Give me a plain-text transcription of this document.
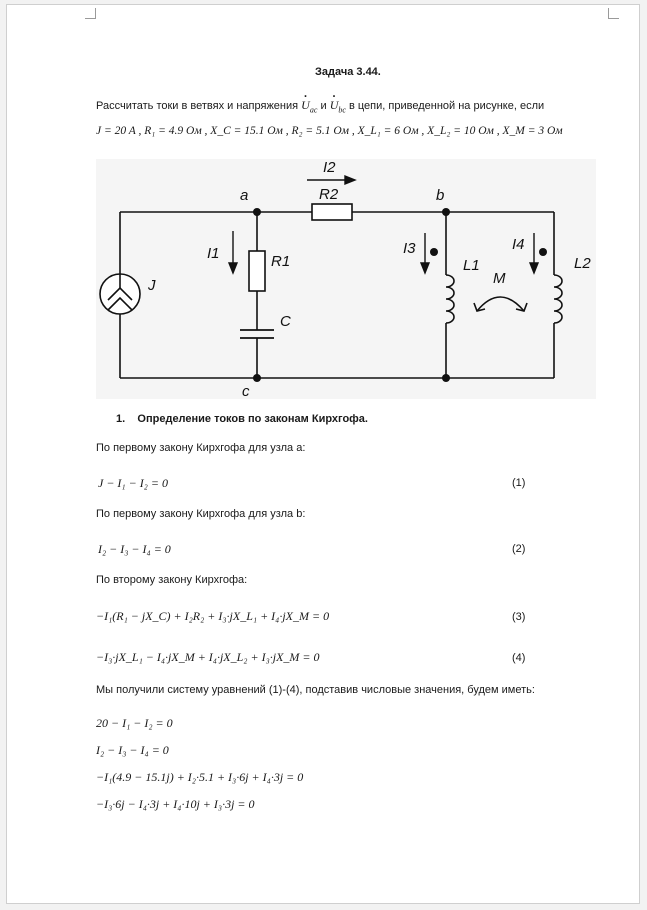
Задача 3.44.
Рассчитать токи в ветвях и напряжения · $U_{ac}$ $и \cdot U_{bc}$ в цепи, приведенной на рисунке, если
J = 20 A , R₁ = 4.9 Ом , X_C = 15.1 Ом , R₂ = 5.1 Ом , X_L₁ = 6 Ом , X_L₂ = 10 Ом , X_M = 3 Ом
a	b
c
I2
R2
I1	R1
C
J
I3	I4
L1	L2
M
1. Определение токов по законам Кирхгофа.
По первому закону Кирхгофа для узла a:
J − I₁ − I₂ = 0	(1)
По первому закону Кирхгофа для узла b:
I₂ − I₃ − I₄ = 0	(2)
По второму закону Кирхгофа:
−I₁(R₁ − jX_C) + I₂R₂ + I₃·jX_L₁ + I₄·jX_M = 0	(3)
−I₃·jX_L₁ − I₄·jX_M + I₄·jX_L₂ + I₃·jX_M = 0	(4)
Мы получили систему уравнений (1)-(4), подставив числовые значения, будем иметь:
20 − I₁ − I₂ = 0
I₂ − I₃ − I₄ = 0
−I₁(4.9 − 15.1j) + I₂·5.1 + I₃·6j + I₄·3j = 0
−I₃·6j − I₄·3j + I₄·10j + I₃·3j = 0
